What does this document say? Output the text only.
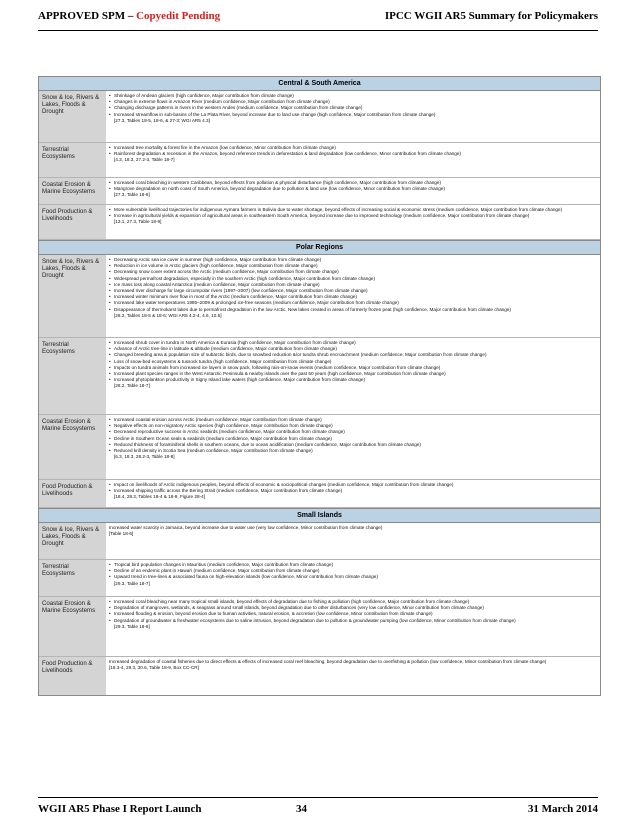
APPROVED SPM – Copyedit Pending	IPCC WGII AR5 Summary for Policymakers
Central & South America
Snow & Ice, Rivers & Lakes, Floods & Drought
• Shrinkage of Andean glaciers (high confidence, Major contribution from climate change)
• Changes in extreme flows in Amazon River (medium confidence, Major contribution from climate change)
• Changing discharge patterns in rivers in the western Andes (medium confidence, Major contribution from climate change)
• Increased streamflow in sub-basins of the La Plata River, beyond increase due to land use change (high confidence, Major contribution from climate change)
[27.3, Tables 18-5, 18-6, & 27-3; WGI AR5 4.3]
Terrestrial Ecosystems
• Increased tree mortality & forest fire in the Amazon (low confidence, Minor contribution from climate change)
• Rainforest degradation & recession in the Amazon, beyond reference trends in deforestation & land degradation (low confidence, Minor contribution from climate change)
[4.3, 18.3, 27.2-3, Table 18-7]
Coastal Erosion & Marine Ecosystems
• Increased coral bleaching in western Caribbean, beyond effects from pollution & physical disturbance (high confidence, Major contribution from climate change)
• Mangrove degradation on north coast of South America, beyond degradation due to pollution & land use (low confidence, Minor contribution from climate change)
[27.3, Table 18-8]
Food Production & Livelihoods
• More vulnerable livelihood trajectories for indigenous Aymara farmers in Bolivia due to water shortage, beyond effects of increasing social & economic stress (medium confidence, Major contribution from climate change)
• Increase in agricultural yields & expansion of agricultural areas in southeastern South America, beyond increase due to improved technology (medium confidence, Major contribution from climate change)
[13.1, 27.3, Table 18-9]
Polar Regions
Snow & Ice, Rivers & Lakes, Floods & Drought
• Decreasing Arctic sea ice cover in summer (high confidence, Major contribution from climate change)
• Reduction in ice volume in Arctic glaciers (high confidence, Major contribution from climate change)
• Decreasing snow cover extent across the Arctic (medium confidence, Major contribution from climate change)
• Widespread permafrost degradation, especially in the southern Arctic (high confidence, Major contribution from climate change)
• Ice mass loss along coastal Antarctica (medium confidence, Major contribution from climate change)
• Increased river discharge for large circumpolar rivers (1997–2007) (low confidence, Major contribution from climate change)
• Increased winter minimum river flow in most of the Arctic (medium confidence, Major contribution from climate change)
• Increased lake water temperatures 1985–2009 & prolonged ice-free seasons (medium confidence, Major contribution from climate change)
• Disappearance of thermokarst lakes due to permafrost degradation in the low Arctic. New lakes created in areas of formerly frozen peat (high confidence, Major contribution from climate change)
[28.2, Tables 18-5 & 18-6; WGI AR5 4.2-4, 4.6, 10.5]
Terrestrial Ecosystems
• Increased shrub cover in tundra in North America & Eurasia (high confidence, Major contribution from climate change)
• Advance of Arctic tree-line in latitude & altitude (medium confidence, Major contribution from climate change)
• Changed breeding area & population size of subarctic birds, due to snowbed reduction &/or tundra shrub encroachment (medium confidence, Major contribution from climate change)
• Loss of snow-bed ecosystems & tussock tundra (high confidence, Major contribution from climate change)
• Impacts on tundra animals from increased ice layers in snow pack, following rain-on-snow events (medium confidence, Major contribution from climate change)
• Increased plant species ranges in the West Antarctic Peninsula & nearby islands over the past 50 years (high confidence, Major contribution from climate change)
• Increased phytoplankton productivity in Signy Island lake waters (high confidence, Major contribution from climate change)
[28.2, Table 18-7]
Coastal Erosion & Marine Ecosystems
• Increased coastal erosion across Arctic (medium confidence, Major contribution from climate change)
• Negative effects on non-migratory Arctic species (high confidence, Major contribution from climate change)
• Decreased reproductive success in Arctic seabirds (medium confidence, Major contribution from climate change)
• Decline in Southern Ocean seals & seabirds (medium confidence, Major contribution from climate change)
• Reduced thickness of foraminiferal shells in southern oceans, due to ocean acidification (medium confidence, Major contribution from climate change)
• Reduced krill density in Scotia Sea (medium confidence, Major contribution from climate change)
[6.3, 18.3, 28.2-3, Table 18-8]
Food Production & Livelihoods
• Impact on livelihoods of Arctic indigenous peoples, beyond effects of economic & sociopolitical changes (medium confidence, Major contribution from climate change)
• Increased shipping traffic across the Bering Strait (medium confidence, Major contribution from climate change)
[18.4, 28.2, Tables 18-4 & 18-9, Figure 28-4]
Small Islands
Snow & Ice, Rivers & Lakes, Floods & Drought
Increased water scarcity in Jamaica, beyond increase due to water use (very low confidence, Minor contribution from climate change)
[Table 18-6]
Terrestrial Ecosystems
• Tropical bird population changes in Mauritius (medium confidence, Major contribution from climate change)
• Decline of an endemic plant in Hawai'i (medium confidence, Major contribution from climate change)
• Upward trend in tree-lines & associated fauna on high-elevation islands (low confidence, Minor contribution from climate change)
[29.3, Table 18-7]
Coastal Erosion & Marine Ecosystems
• Increased coral bleaching near many tropical small islands, beyond effects of degradation due to fishing & pollution (high confidence, Major contribution from climate change)
• Degradation of mangroves, wetlands, & seagrass around small islands, beyond degradation due to other disturbances (very low confidence, Minor contribution from climate change)
• Increased flooding & erosion, beyond erosion due to human activities, natural erosion, & accretion (low confidence, Minor contribution from climate change)
• Degradation of groundwater & freshwater ecosystems due to saline intrusion, beyond degradation due to pollution & groundwater pumping (low confidence, Minor contribution from climate change)
[29.3, Table 18-8]
Food Production & Livelihoods
Increased degradation of coastal fisheries due to direct effects & effects of increased coral reef bleaching, beyond degradation due to overfishing & pollution (low confidence, Minor contribution from climate change)
[18.3-4, 29.3, 30.6, Table 18-9, Box CC-CR]
WGII AR5 Phase I Report Launch	34	31 March 2014
